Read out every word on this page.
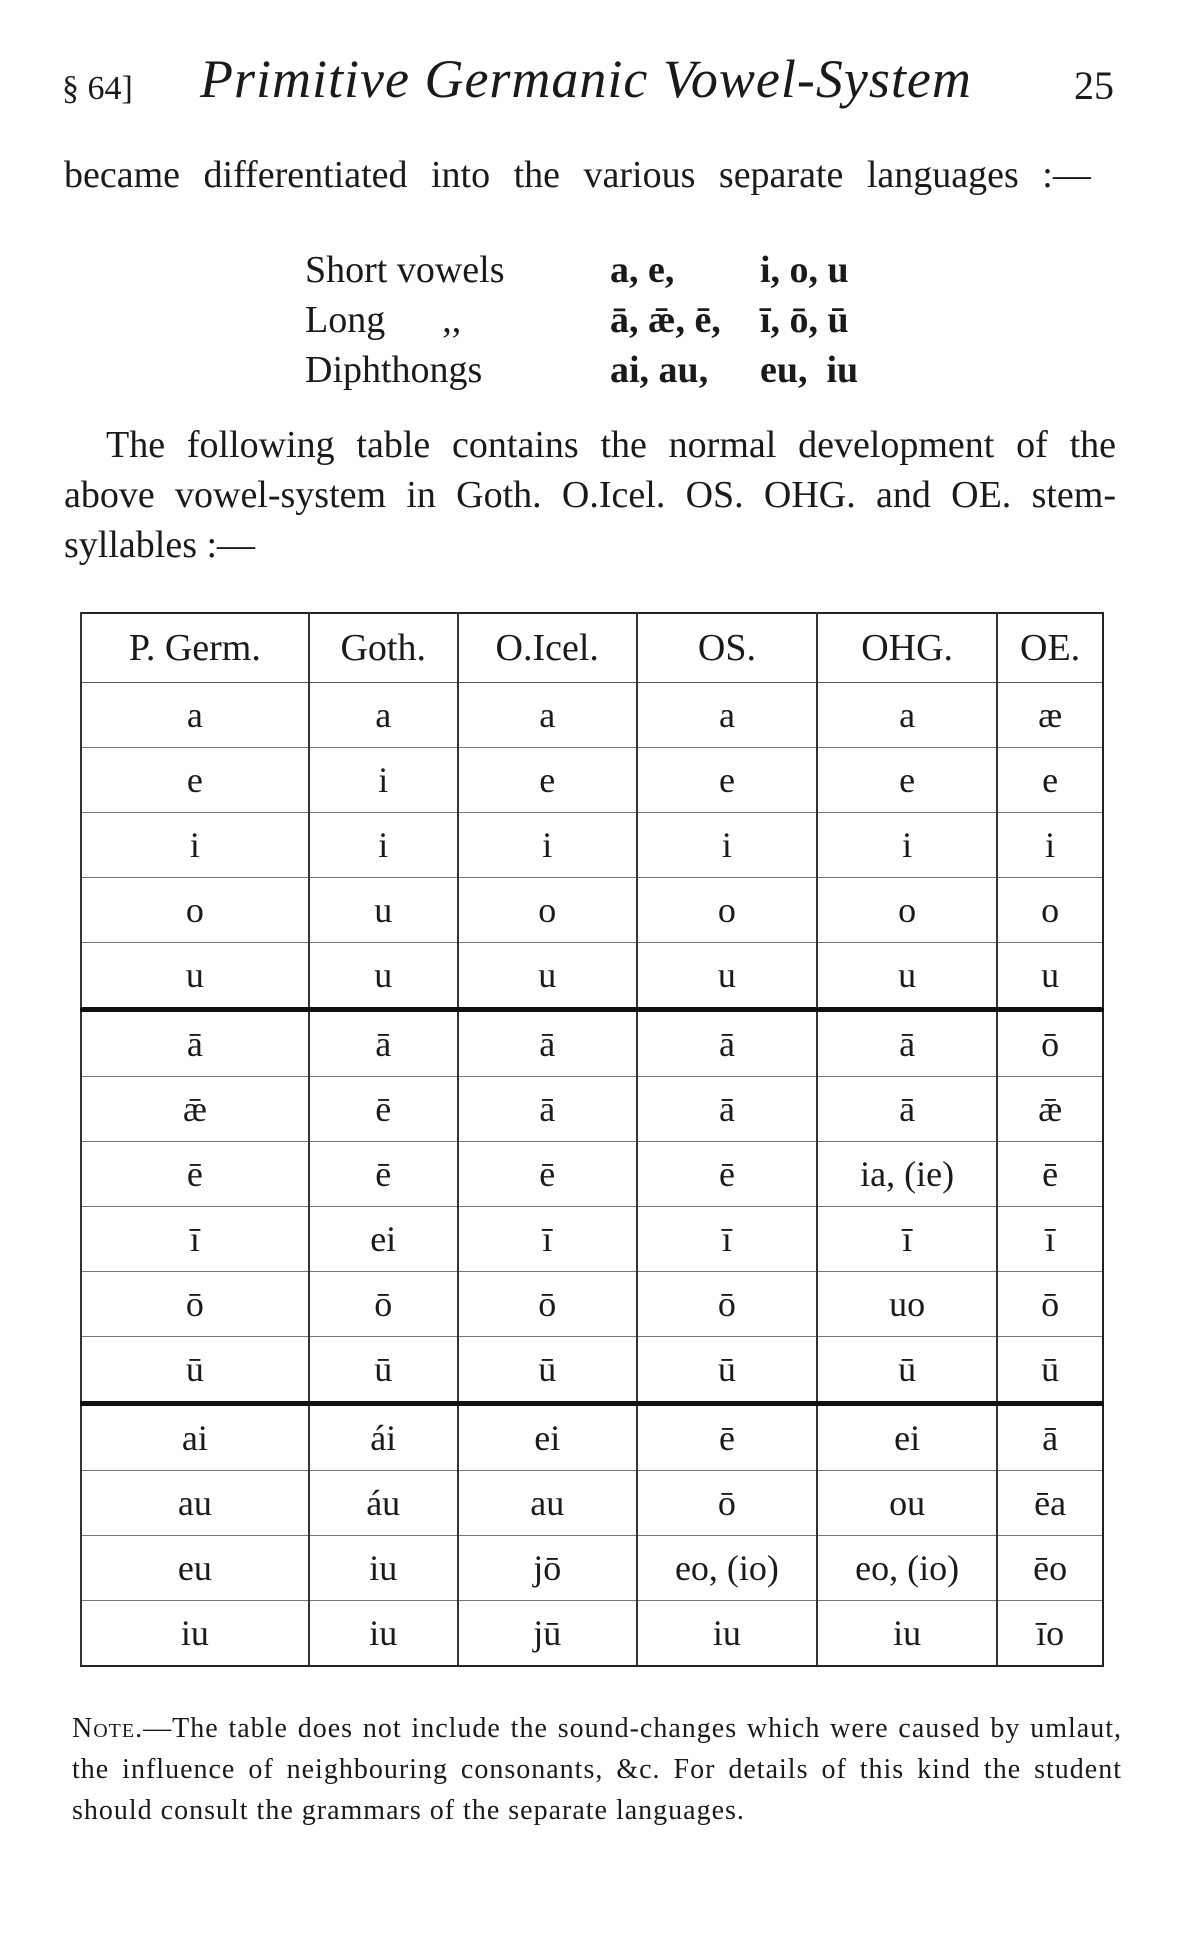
§ 64] Primitive Germanic Vowel-System	25
became differentiated into the various separate languages :—
Short vowels	a, e, i, o, u
Long      ,,	ā, ǣ, ē, ī, ō, ū
Diphthongs	ai, au, eu,  iu
The following table contains the normal development of the above vowel-system in Goth. O.Icel. OS. OHG. and OE. stem-syllables :—
P. Germ.	Goth.	O.Icel.	OS.	OHG.	OE.
a	a	a	a	a	æ
e	i	e	e	e	e
i	i	i	i	i	i
o	u	o	o	o	o
u	u	u	u	u	u
ā	ā	ā	ā	ā	ō
ǣ	ē	ā	ā	ā	ǣ
ē	ē	ē	ē	ia, (ie)	ē
ī	ei	ī	ī	ī	ī
ō	ō	ō	ō	uo	ō
ū	ū	ū	ū	ū	ū
ai	ái	ei	ē	ei	ā
au	áu	au	ō	ou	ēa
eu	iu	jō	eo, (io)	eo, (io)	ēo
iu	iu	jū	iu	iu	īo
Note.—The table does not include the sound-changes which were caused by umlaut, the influence of neighbouring consonants, &c. For details of this kind the student should consult the grammars of the separate languages.
